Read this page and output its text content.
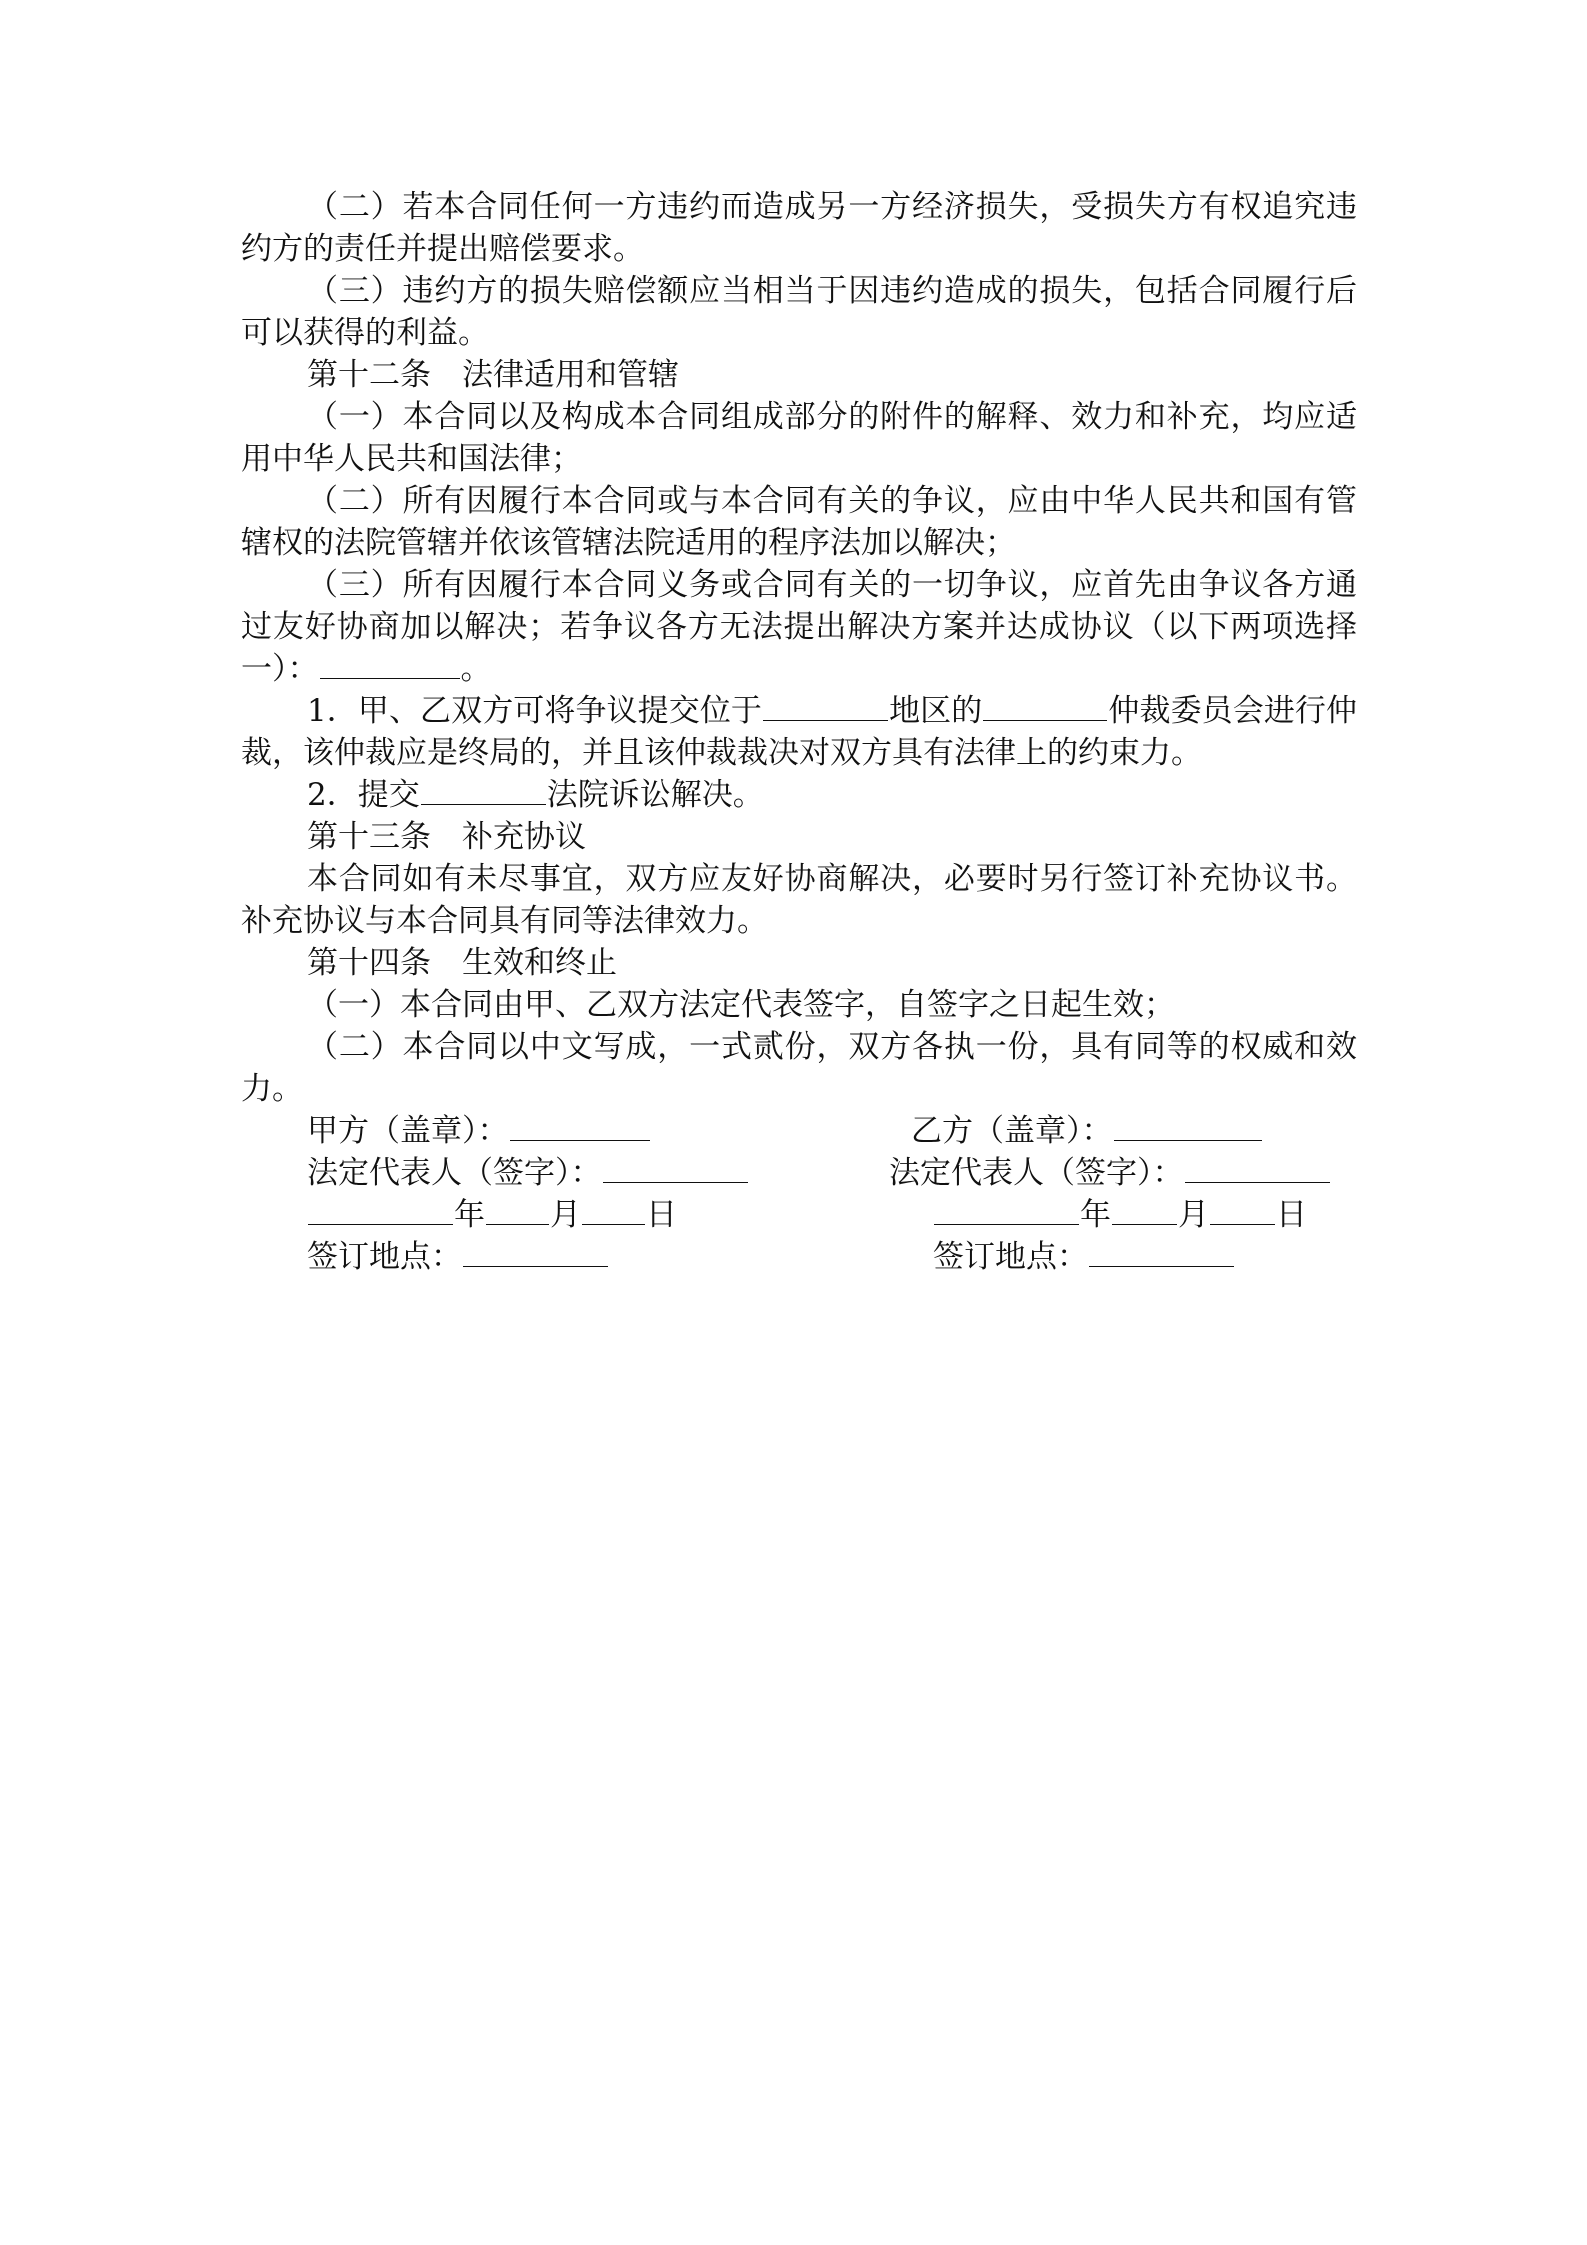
（二）若本合同任何一方违约而造成另一方经济损失，受损失方有权追究违约方的责任并提出赔偿要求。

（三）违约方的损失赔偿额应当相当于因违约造成的损失，包括合同履行后可以获得的利益。

第十二条　法律适用和管辖

（一）本合同以及构成本合同组成部分的附件的解释、效力和补充，均应适用中华人民共和国法律；

（二）所有因履行本合同或与本合同有关的争议，应由中华人民共和国有管辖权的法院管辖并依该管辖法院适用的程序法加以解决；

（三）所有因履行本合同义务或合同有关的一切争议，应首先由争议各方通过友好协商加以解决；若争议各方无法提出解决方案并达成协议（以下两项选择一）：	。

1．甲、乙双方可将争议提交位于	地区的	仲裁委员会进行仲裁，该仲裁应是终局的，并且该仲裁裁决对双方具有法律上的约束力。

2．提交	法院诉讼解决。

第十三条　补充协议

本合同如有未尽事宜，双方应友好协商解决，必要时另行签订补充协议书。补充协议与本合同具有同等法律效力。

第十四条　生效和终止

（一）本合同由甲、乙双方法定代表签字，自签字之日起生效；

（二）本合同以中文写成，一式贰份，双方各执一份，具有同等的权威和效力。

甲方（盖章）：	乙方（盖章）：
法定代表人（签字）：	法定代表人（签字）：
年 月 日	年 月 日
签订地点：	签订地点：
